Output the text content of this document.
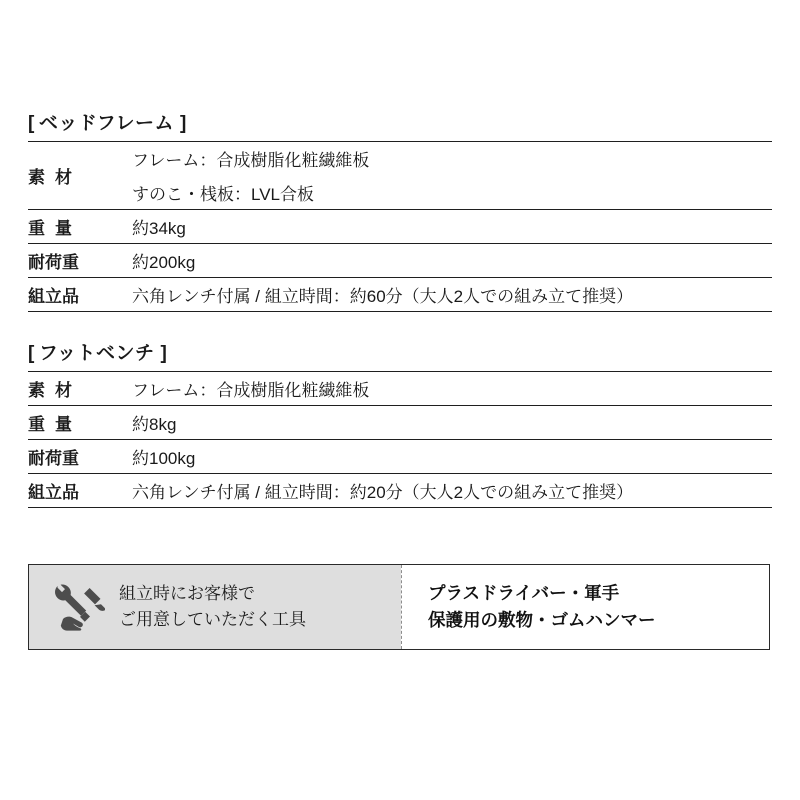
[ ベッドフレーム ]
素材	フレーム：合成樹脂化粧繊維板
	すのこ・桟板：LVL合板
重量	約34kg
耐荷重	約200kg
組立品	六角レンチ付属 / 組立時間：約60分（大人2人での組み立て推奨）
[ フットベンチ ]
素材	フレーム：合成樹脂化粧繊維板
重量	約8kg
耐荷重	約100kg
組立品	六角レンチ付属 / 組立時間：約20分（大人2人での組み立て推奨）
組立時にお客様で
ご用意していただく工具
プラスドライバー・軍手
保護用の敷物・ゴムハンマー
